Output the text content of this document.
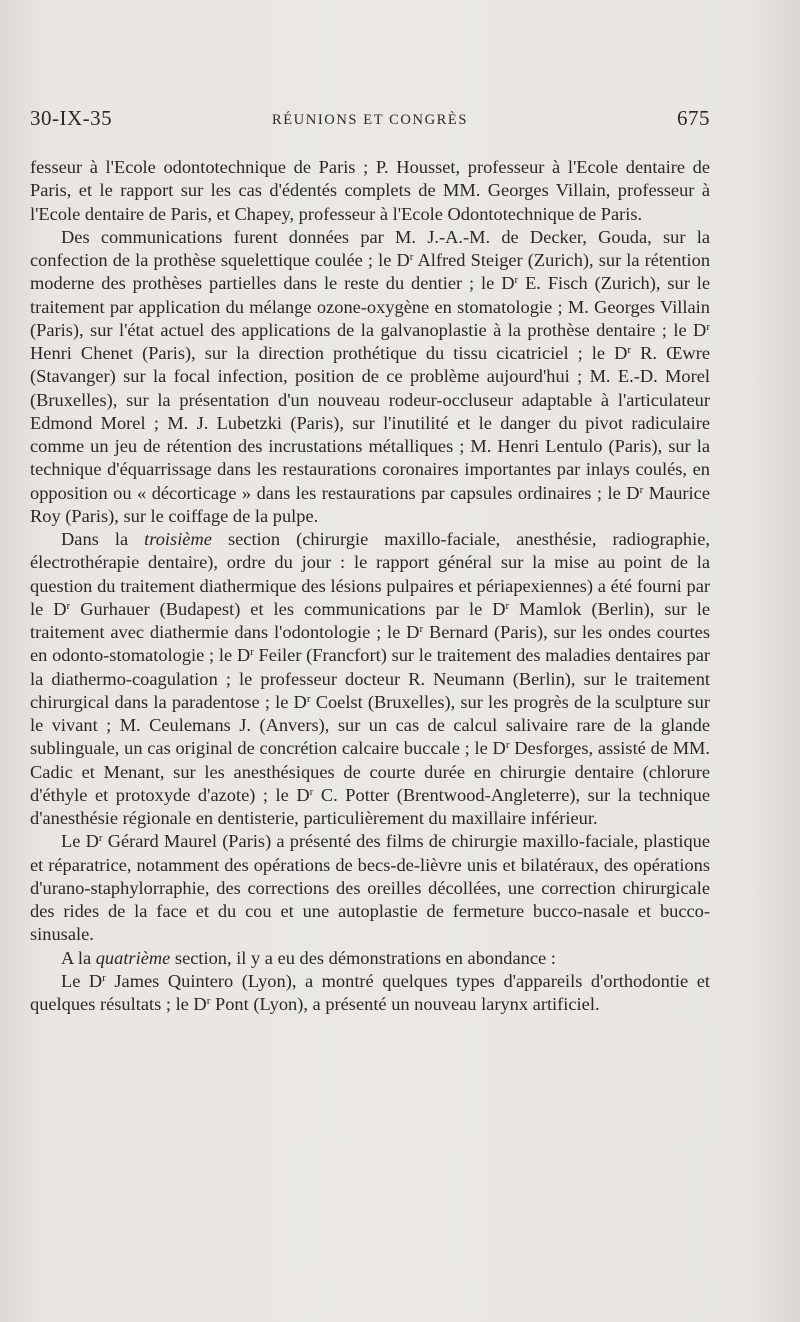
30-IX-35	RÉUNIONS ET CONGRÈS	675

fesseur à l'Ecole odontotechnique de Paris ; P. Housset, professeur à l'Ecole dentaire de Paris, et le rapport sur les cas d'édentés complets de MM. Georges Villain, professeur à l'Ecole dentaire de Paris, et Chapey, professeur à l'Ecole Odontotechnique de Paris.

Des communications furent données par M. J.-A.-M. de Decker, Gouda, sur la confection de la prothèse squelettique coulée ; le $D^r$ Alfred Steiger (Zurich), sur la rétention moderne des prothèses partielles dans le reste du dentier ; le $D^r$ E. Fisch (Zurich), sur le traitement par application du mélange ozone-oxygène en stomatologie ; M. Georges Villain (Paris), sur l'état actuel des applications de la galvanoplastie à la prothèse dentaire ; le $D^r$ Henri Chenet (Paris), sur la direction prothétique du tissu cicatriciel ; le $D^r$ R. Œwre (Stavanger) sur la focal infection, position de ce problème aujourd'hui ; M. E.-D. Morel (Bruxelles), sur la présentation d'un nouveau rodeur-occluseur adaptable à l'articulateur Edmond Morel ; M. J. Lubetzki (Paris), sur l'inutilité et le danger du pivot radiculaire comme un jeu de rétention des incrustations métalliques ; M. Henri Lentulo (Paris), sur la technique d'équarrissage dans les restaurations coronaires importantes par inlays coulés, en opposition ou « décorticage » dans les restaurations par capsules ordinaires ; le $D^r$ Maurice Roy (Paris), sur le coiffage de la pulpe.

Dans la troisième section (chirurgie maxillo-faciale, anesthésie, radiographie, électrothérapie dentaire), ordre du jour : le rapport général sur la mise au point de la question du traitement diathermique des lésions pulpaires et périapexiennes) a été fourni par le $D^r$ Gurhauer (Budapest) et les communications par le $D^r$ Mamlok (Berlin), sur le traitement avec diathermie dans l'odontologie ; le $D^r$ Bernard (Paris), sur les ondes courtes en odonto-stomatologie ; le $D^r$ Feiler (Francfort) sur le traitement des maladies dentaires par la diathermo-coagulation ; le professeur docteur R. Neumann (Berlin), sur le traitement chirurgical dans la paradentose ; le $D^r$ Coelst (Bruxelles), sur les progrès de la sculpture sur le vivant ; M. Ceulemans J. (Anvers), sur un cas de calcul salivaire rare de la glande sublinguale, un cas original de concrétion calcaire buccale ; le $D^r$ Desforges, assisté de MM. Cadic et Menant, sur les anesthésiques de courte durée en chirurgie dentaire (chlorure d'éthyle et protoxyde d'azote) ; le $D^r$ C. Potter (Brentwood-Angleterre), sur la technique d'anesthésie régionale en dentisterie, particulièrement du maxillaire inférieur.

Le $D^r$ Gérard Maurel (Paris) a présenté des films de chirurgie maxillo-faciale, plastique et réparatrice, notamment des opérations de becs-de-lièvre unis et bilatéraux, des opérations d'urano-staphylorraphie, des corrections des oreilles décollées, une correction chirurgicale des rides de la face et du cou et une autoplastie de fermeture bucco-nasale et bucco-sinusale.

A la quatrième section, il y a eu des démonstrations en abondance :

Le $D^r$ James Quintero (Lyon), a montré quelques types d'appareils d'orthodontie et quelques résultats ; le $D^r$ Pont (Lyon), a présenté un nouveau larynx artificiel.
